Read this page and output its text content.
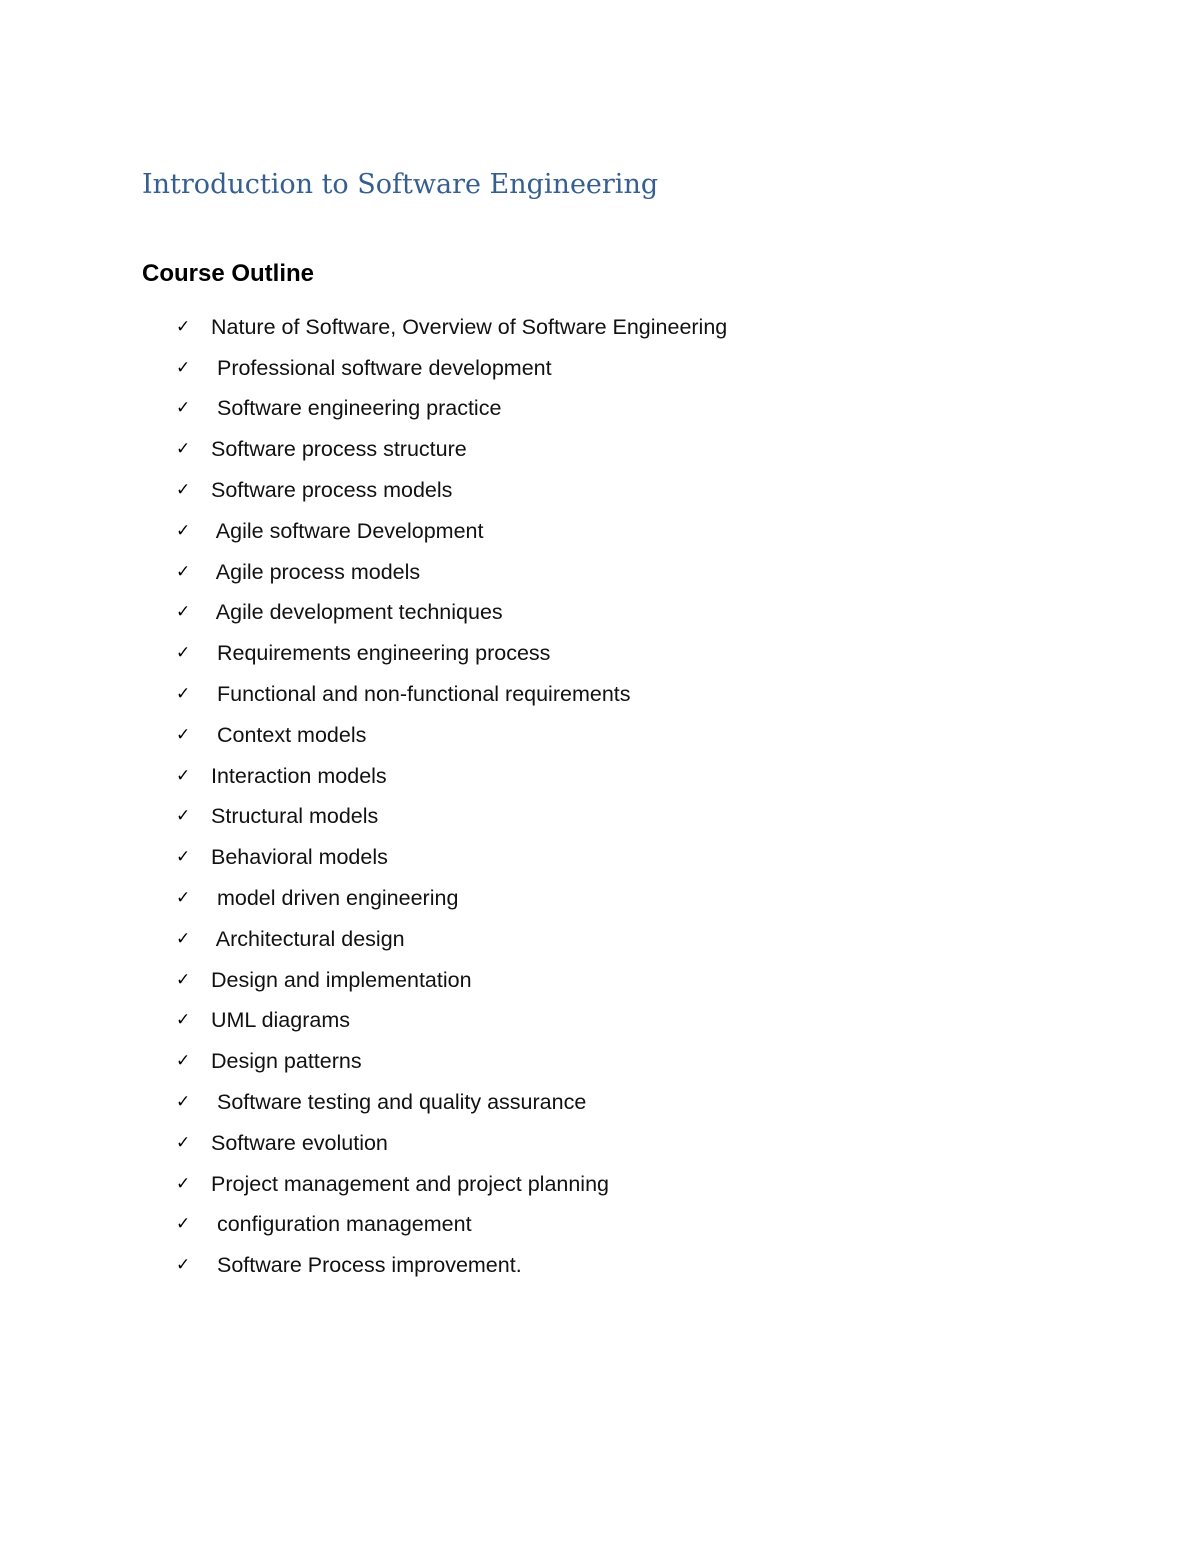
Introduction to Software Engineering
Course Outline
✓ Nature of Software, Overview of Software Engineering
✓ Professional software development
✓ Software engineering practice
✓ Software process structure
✓ Software process models
✓ Agile software Development
✓ Agile process models
✓ Agile development techniques
✓ Requirements engineering process
✓ Functional and non-functional requirements
✓ Context models
✓ Interaction models
✓ Structural models
✓ Behavioral models
✓ model driven engineering
✓ Architectural design
✓ Design and implementation
✓ UML diagrams
✓ Design patterns
✓ Software testing and quality assurance
✓ Software evolution
✓ Project management and project planning
✓ configuration management
✓ Software Process improvement.
